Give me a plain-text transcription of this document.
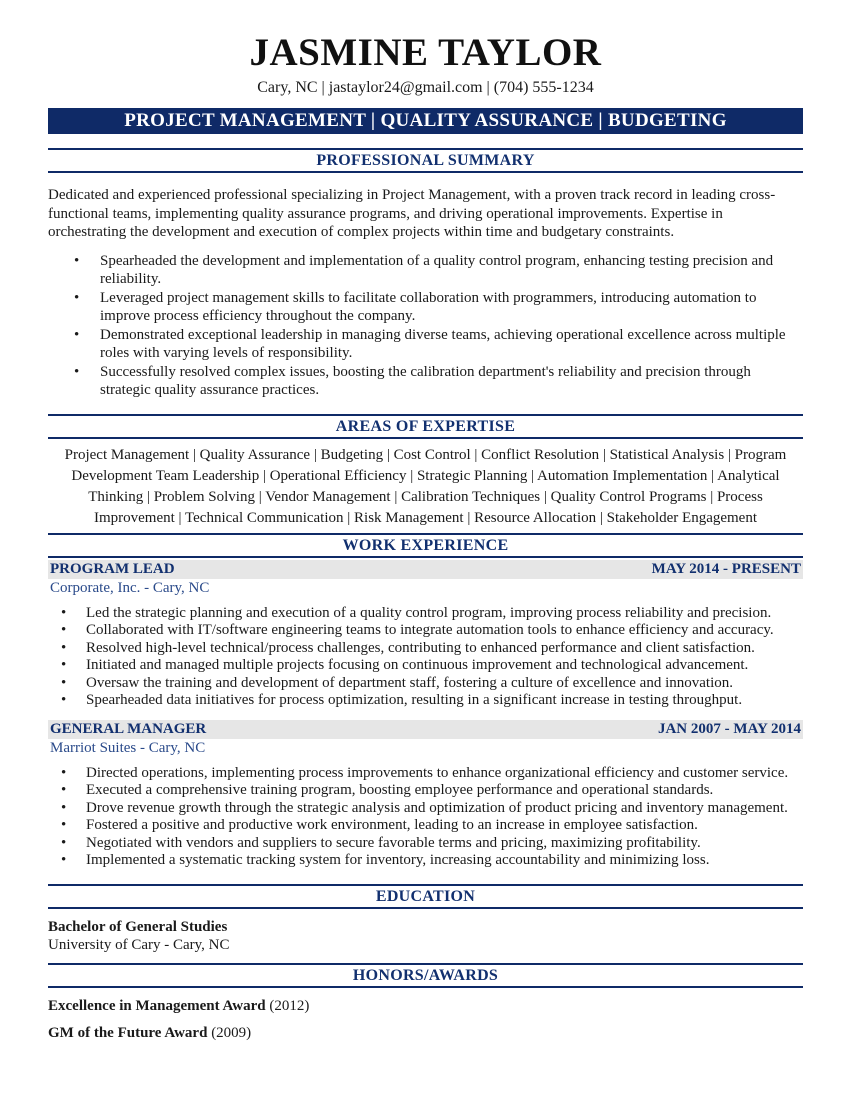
JASMINE TAYLOR
Cary, NC | jastaylor24@gmail.com | (704) 555-1234
PROJECT MANAGEMENT | QUALITY ASSURANCE | BUDGETING
PROFESSIONAL SUMMARY

Dedicated and experienced professional specializing in Project Management, with a proven track record in leading cross-functional teams, implementing quality assurance programs, and driving operational improvements. Expertise in orchestrating the development and execution of complex projects within time and budgetary constraints.

• Spearheaded the development and implementation of a quality control program, enhancing testing precision and reliability.
• Leveraged project management skills to facilitate collaboration with programmers, introducing automation to improve process efficiency throughout the company.
• Demonstrated exceptional leadership in managing diverse teams, achieving operational excellence across multiple roles with varying levels of responsibility.
• Successfully resolved complex issues, boosting the calibration department's reliability and precision through strategic quality assurance practices.
AREAS OF EXPERTISE

Project Management | Quality Assurance | Budgeting | Cost Control | Conflict Resolution | Statistical Analysis | Program Development Team Leadership | Operational Efficiency | Strategic Planning | Automation Implementation | Analytical Thinking | Problem Solving | Vendor Management | Calibration Techniques | Quality Control Programs | Process Improvement | Technical Communication | Risk Management | Resource Allocation | Stakeholder Engagement

WORK EXPERIENCE
PROGRAM LEAD	MAY 2014 - PRESENT
Corporate, Inc. - Cary, NC
• Led the strategic planning and execution of a quality control program, improving process reliability and precision.
• Collaborated with IT/software engineering teams to integrate automation tools to enhance efficiency and accuracy.
• Resolved high-level technical/process challenges, contributing to enhanced performance and client satisfaction.
• Initiated and managed multiple projects focusing on continuous improvement and technological advancement.
• Oversaw the training and development of department staff, fostering a culture of excellence and innovation.
• Spearheaded data initiatives for process optimization, resulting in a significant increase in testing throughput.
GENERAL MANAGER	JAN 2007 - MAY 2014
Marriot Suites - Cary, NC
• Directed operations, implementing process improvements to enhance organizational efficiency and customer service.
• Executed a comprehensive training program, boosting employee performance and operational standards.
• Drove revenue growth through the strategic analysis and optimization of product pricing and inventory management.
• Fostered a positive and productive work environment, leading to an increase in employee satisfaction.
• Negotiated with vendors and suppliers to secure favorable terms and pricing, maximizing profitability.
• Implemented a systematic tracking system for inventory, increasing accountability and minimizing loss.
EDUCATION
Bachelor of General Studies
University of Cary - Cary, NC
HONORS/AWARDS
Excellence in Management Award (2012)
GM of the Future Award (2009)
